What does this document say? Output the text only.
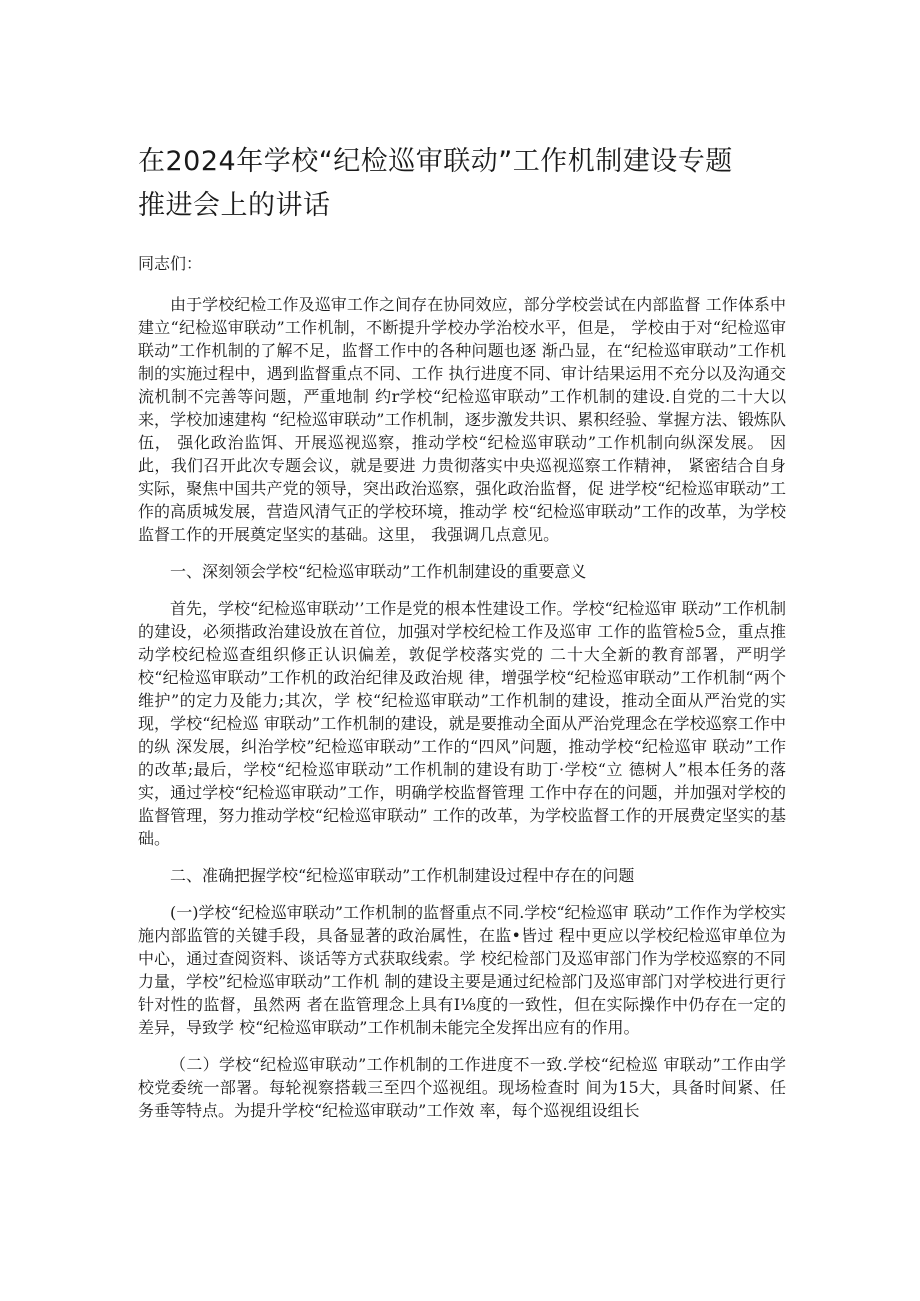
在2024年学校“纪检巡审联动”工作机制建设专题
推进会上的讲话

同志们：

由于学校纪检工作及巡审工作之间存在协同效应，部分学校尝试在内部监督 工作体系中建立“纪检巡审联动”工作机制，不断提升学校办学治校水平，但是， 学校由于对“纪检巡审联动”工作机制的了解不足，监督工作中的各种问题也逐 渐凸显，在“纪检巡审联动”工作机制的实施过程中，遇到监督重点不同、工作 执行进度不同、审计结果运用不充分以及沟通交流机制不完善等问题，严重地制 约r学校“纪检巡审联动”工作机制的建设.自党的二十大以来，学校加速建构 “纪检巡审联动”工作机制，逐步激发共识、累积经验、掌握方法、锻炼队伍， 强化政治监饵、开展巡视巡察，推动学校“纪检巡审联动”工作机制向纵深发展。 因此，我们召开此次专题会议，就是要进 力贵彻落实中央巡视巡察工作精神， 紧密结合自身实际，聚焦中国共产党的领导，突出政治巡察，强化政治监督，促 进学校“纪检巡审联动”工作的高质城发展，营造风清气正的学校环境，推动学 校“纪检巡审联动”工作的改革，为学校监督工作的开展奠定坚实的基础。这里， 我强调几点意见。

一、深刻领会学校“纪检巡审联动”工作机制建设的重要意义

首先，学校“纪检巡审联动’’工作是党的根本性建设工作。学校“纪检巡审 联动”工作机制的建设，必须揩政治建设放在首位，加强对学校纪检工作及巡审 工作的监管检5佥，重点推动学校纪检巡查组织修正认识偏差，敦促学校落实党的 二十大全新的教育部署，严明学校“纪检巡审联动”工作机的政治纪律及政治规 律，增强学校“纪检巡审联动”工作机制“两个维护”的定力及能力;其次，学 校“纪检巡审联动”工作机制的建设，推动全面从严治党的实现，学校“纪检巡 审联动”工作机制的建设，就是要推动全面从严治党理念在学校巡察工作中的纵 深发展，纠治学校”纪检巡审联动”工作的“四风”问题，推动学校“纪检巡审 联动”工作的改革;最后，学校“纪检巡审联动”工作机制的建设有助丁·学校“立 德树人”根本任务的落实，通过学校“纪检巡审联动”工作，明确学校监督管理 工作中存在的问题，并加强对学校的监督管理，努力推动学校“纪检巡审联动” 工作的改革，为学校监督工作的开展费定坚实的基础。

二、准确把握学校“纪检巡审联动”工作机制建设过程中存在的问题

(一)学校“纪检巡审联动”工作机制的监督重点不同.学校“纪检巡审 联动”工作作为学校实施内部监管的关键手段，具备显著的政治属性，在监•皆过 程中更应以学校纪检巡审单位为中心，通过查阅资料、谈话等方式获取线索。学 校纪检部门及巡审部门作为学校巡察的不同力量，学校”纪检巡审联动”工作机 制的建设主要是通过纪检部门及巡审部门对学校进行更行针对性的监督，虽然两 者在监管理念上具有I⅛度的一致性，但在实际操作中仍存在一定的差异，导致学 校“纪检巡审联动”工作机制未能完全发挥出应有的作用。

（二）学校“纪检巡审联动”工作机制的工作进度不一致.学校“纪检巡 审联动”工作由学校党委统一部署。每轮视察搭载三至四个巡视组。现场检查时 间为15大，具备时间紧、任务垂等特点。为提升学校“纪检巡审联动”工作效 率，每个巡视组设组长
